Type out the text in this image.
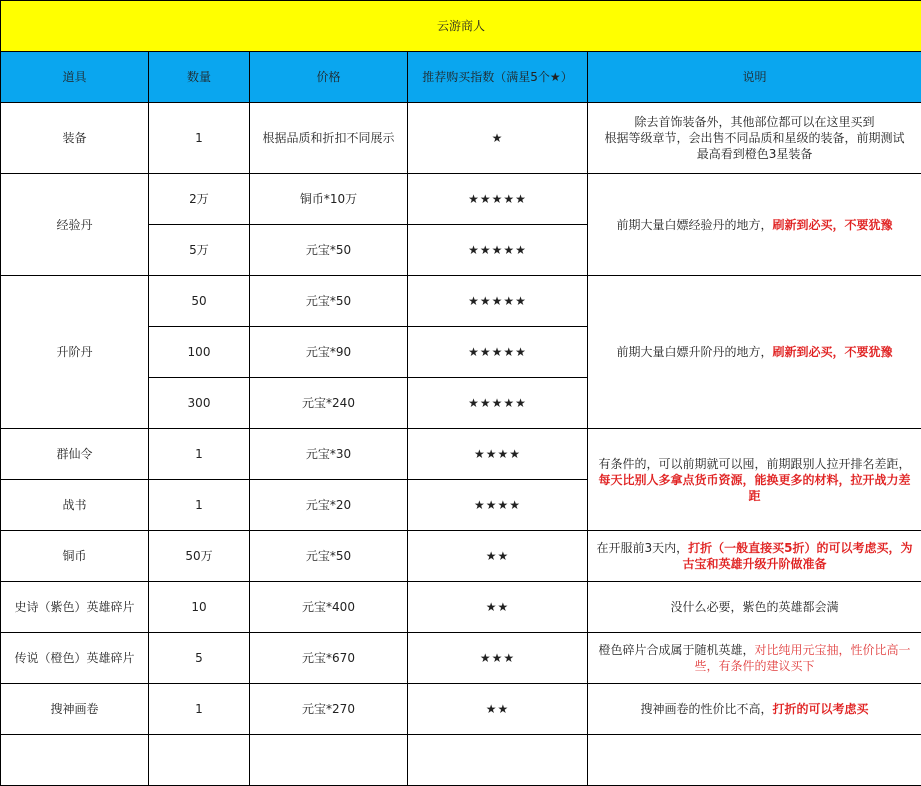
云游商人				
道具	数量	价格	推荐购买指数（满星5个★）	说明
装备	1	根据品质和折扣不同展示	★	除去首饰装备外，其他部位都可以在这里买到
根据等级章节，会出售不同品质和星级的装备，前期测试
最高看到橙色3星装备

经验丹	2万	铜币*10万	★★★★★	前期大量白嫖经验丹的地方，刷新到必买，不要犹豫
	5万	元宝*50	★★★★★	
升阶丹	50	元宝*50	★★★★★	前期大量白嫖升阶丹的地方，刷新到必买，不要犹豫
	100	元宝*90	★★★★★	
	300	元宝*240	★★★★★	
群仙令	1	元宝*30	★★★★	有条件的，可以前期就可以囤，前期跟别人拉开排名差距，每天比别人多拿点货币资源，能换更多的材料，拉开战力差距
战书	1	元宝*20	★★★★	
铜币	50万	元宝*50	★★	在开服前3天内，打折（一般直接买5折）的可以考虑买，为古宝和英雄升级升阶做准备
史诗（紫色）英雄碎片	10	元宝*400	★★	没什么必要，紫色的英雄都会满
传说（橙色）英雄碎片	5	元宝*670	★★★	橙色碎片合成属于随机英雄，对比纯用元宝抽，性价比高一些，有条件的建议买下
搜神画卷	1	元宝*270	★★	搜神画卷的性价比不高，打折的可以考虑买
